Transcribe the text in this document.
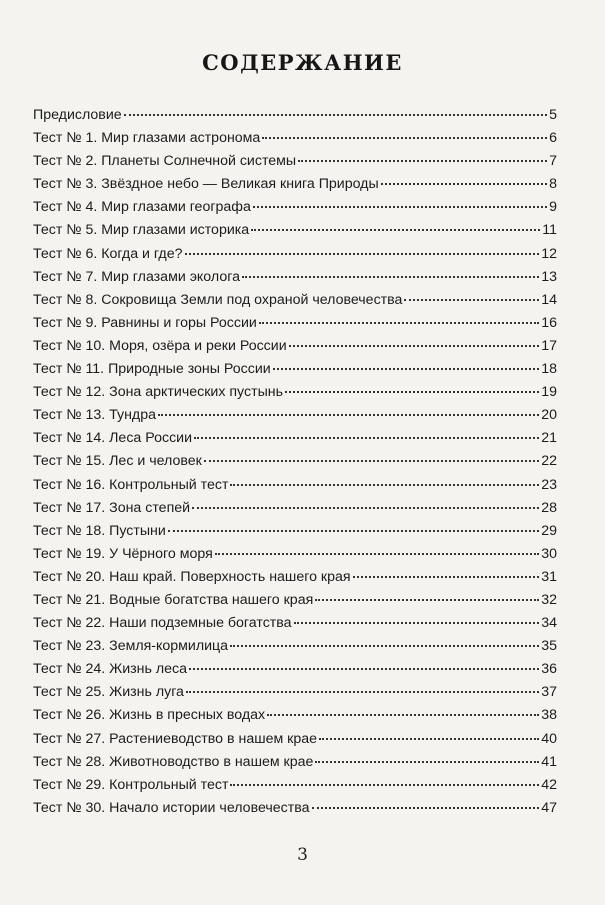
СОДЕРЖАНИЕ
Предисловие	5
Тест № 1. Мир глазами астронома	6
Тест № 2. Планеты Солнечной системы	7
Тест № 3. Звёздное небо — Великая книга Природы	8
Тест № 4. Мир глазами географа	9
Тест № 5. Мир глазами историка	11
Тест № 6. Когда и где?	12
Тест № 7. Мир глазами эколога	13
Тест № 8. Сокровища Земли под охраной человечества	14
Тест № 9. Равнины и горы России	16
Тест № 10. Моря, озёра и реки России	17
Тест № 11. Природные зоны России	18
Тест № 12. Зона арктических пустынь	19
Тест № 13. Тундра	20
Тест № 14. Леса России	21
Тест № 15. Лес и человек	22
Тест № 16. Контрольный тест	23
Тест № 17. Зона степей	28
Тест № 18. Пустыни	29
Тест № 19. У Чёрного моря	30
Тест № 20. Наш край. Поверхность нашего края	31
Тест № 21. Водные богатства нашего края	32
Тест № 22. Наши подземные богатства	34
Тест № 23. Земля-кормилица	35
Тест № 24. Жизнь леса	36
Тест № 25. Жизнь луга	37
Тест № 26. Жизнь в пресных водах	38
Тест № 27. Растениеводство в нашем крае	40
Тест № 28. Животноводство в нашем крае	41
Тест № 29. Контрольный тест	42
Тест № 30. Начало истории человечества	47
3
